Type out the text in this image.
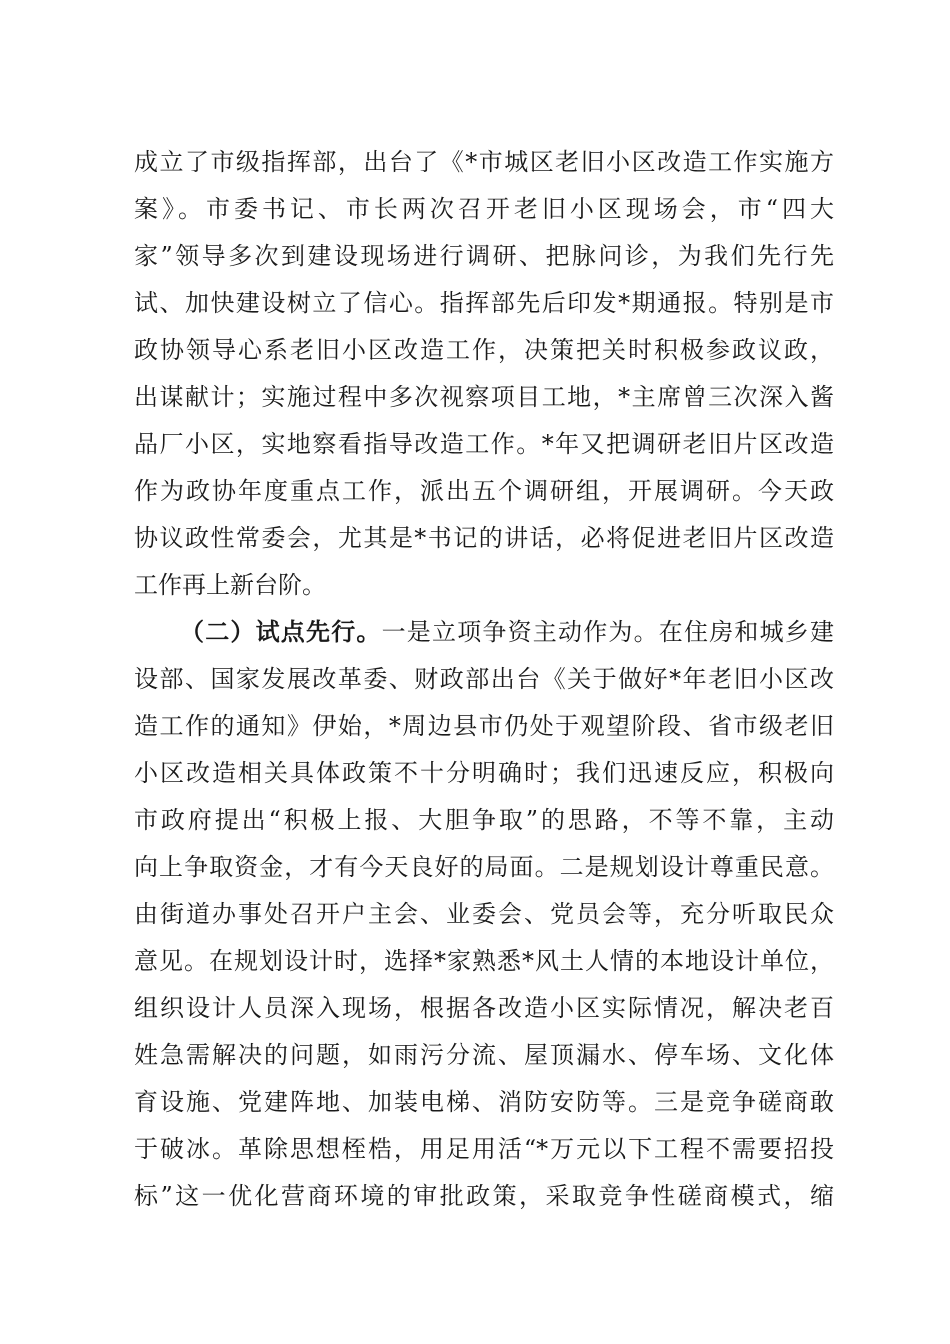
成立了市级指挥部，出台了《*市城区老旧小区改造工作实施方
案》。市委书记、市长两次召开老旧小区现场会，市“四大
家”领导多次到建设现场进行调研、把脉问诊，为我们先行先
试、加快建设树立了信心。指挥部先后印发*期通报。特别是市
政协领导心系老旧小区改造工作，决策把关时积极参政议政，
出谋献计；实施过程中多次视察项目工地，*主席曾三次深入酱
品厂小区，实地察看指导改造工作。*年又把调研老旧片区改造
作为政协年度重点工作，派出五个调研组，开展调研。今天政
协议政性常委会，尤其是*书记的讲话，必将促进老旧片区改造
工作再上新台阶。
（二）试点先行。一是立项争资主动作为。在住房和城乡建
设部、国家发展改革委、财政部出台《关于做好*年老旧小区改
造工作的通知》伊始，*周边县市仍处于观望阶段、省市级老旧
小区改造相关具体政策不十分明确时；我们迅速反应，积极向
市政府提出“积极上报、大胆争取”的思路，不等不靠，主动
向上争取资金，才有今天良好的局面。二是规划设计尊重民意。
由街道办事处召开户主会、业委会、党员会等，充分听取民众
意见。在规划设计时，选择*家熟悉*风土人情的本地设计单位，
组织设计人员深入现场，根据各改造小区实际情况，解决老百
姓急需解决的问题，如雨污分流、屋顶漏水、停车场、文化体
育设施、党建阵地、加装电梯、消防安防等。三是竞争磋商敢
于破冰。革除思想桎梏，用足用活“*万元以下工程不需要招投
标”这一优化营商环境的审批政策，采取竞争性磋商模式，缩
